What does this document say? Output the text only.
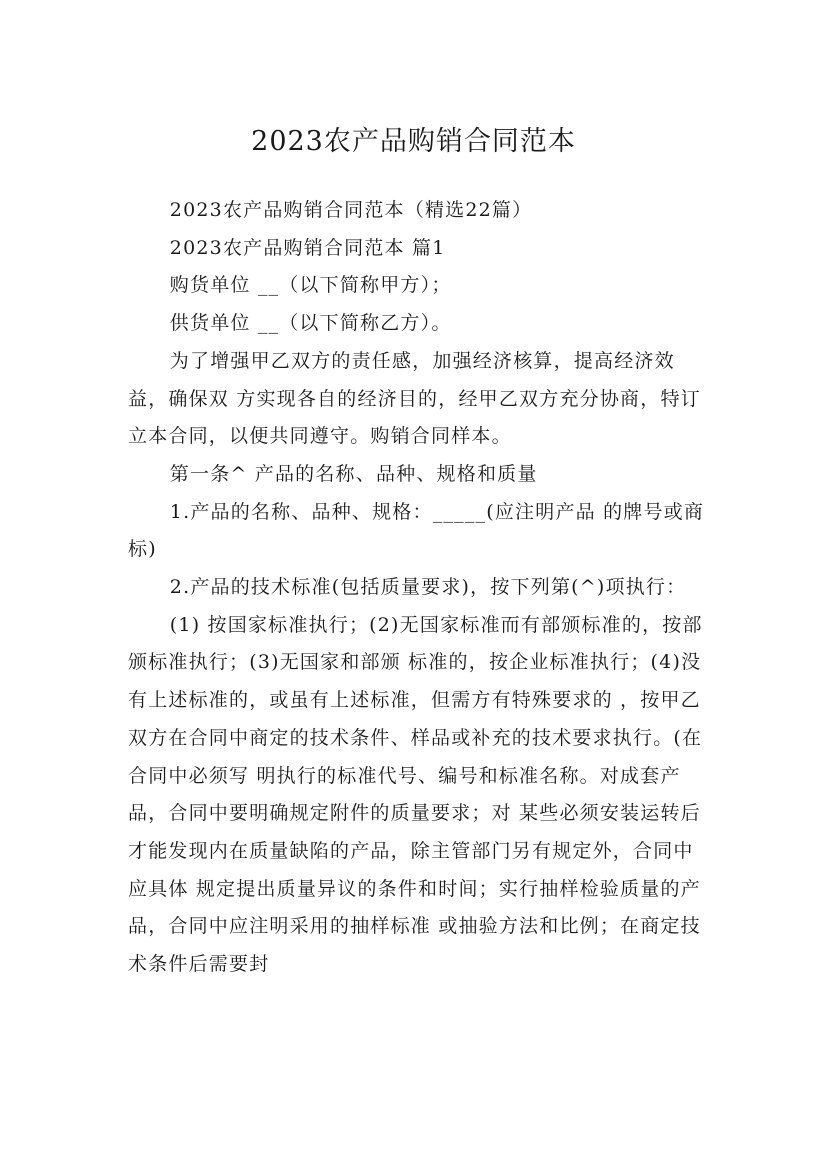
2023农产品购销合同范本

2023农产品购销合同范本（精选22篇）

2023农产品购销合同范本 篇1

购货单位 __（以下简称甲方）；

供货单位 __（以下简称乙方）。

为了增强甲乙双方的责任感，加强经济核算，提高经济效益，确保双 方实现各自的经济目的，经甲乙双方充分协商，特订立本合同，以便共同遵守。购销合同样本。

第一条^ 产品的名称、品种、规格和质量

1.产品的名称、品种、规格：_____(应注明产品 的牌号或商标)

2.产品的技术标准(包括质量要求)，按下列第(^)项执行：

(1) 按国家标准执行；(2)无国家标准而有部颁标准的，按部颁标准执行；(3)无国家和部颁 标准的，按企业标准执行；(4)没有上述标准的，或虽有上述标准，但需方有特殊要求的 ，按甲乙双方在合同中商定的技术条件、样品或补充的技术要求执行。(在合同中必须写 明执行的标准代号、编号和标准名称。对成套产品，合同中要明确规定附件的质量要求；对 某些必须安装运转后才能发现内在质量缺陷的产品，除主管部门另有规定外，合同中应具体 规定提出质量异议的条件和时间；实行抽样检验质量的产品，合同中应注明采用的抽样标准 或抽验方法和比例；在商定技术条件后需要封
